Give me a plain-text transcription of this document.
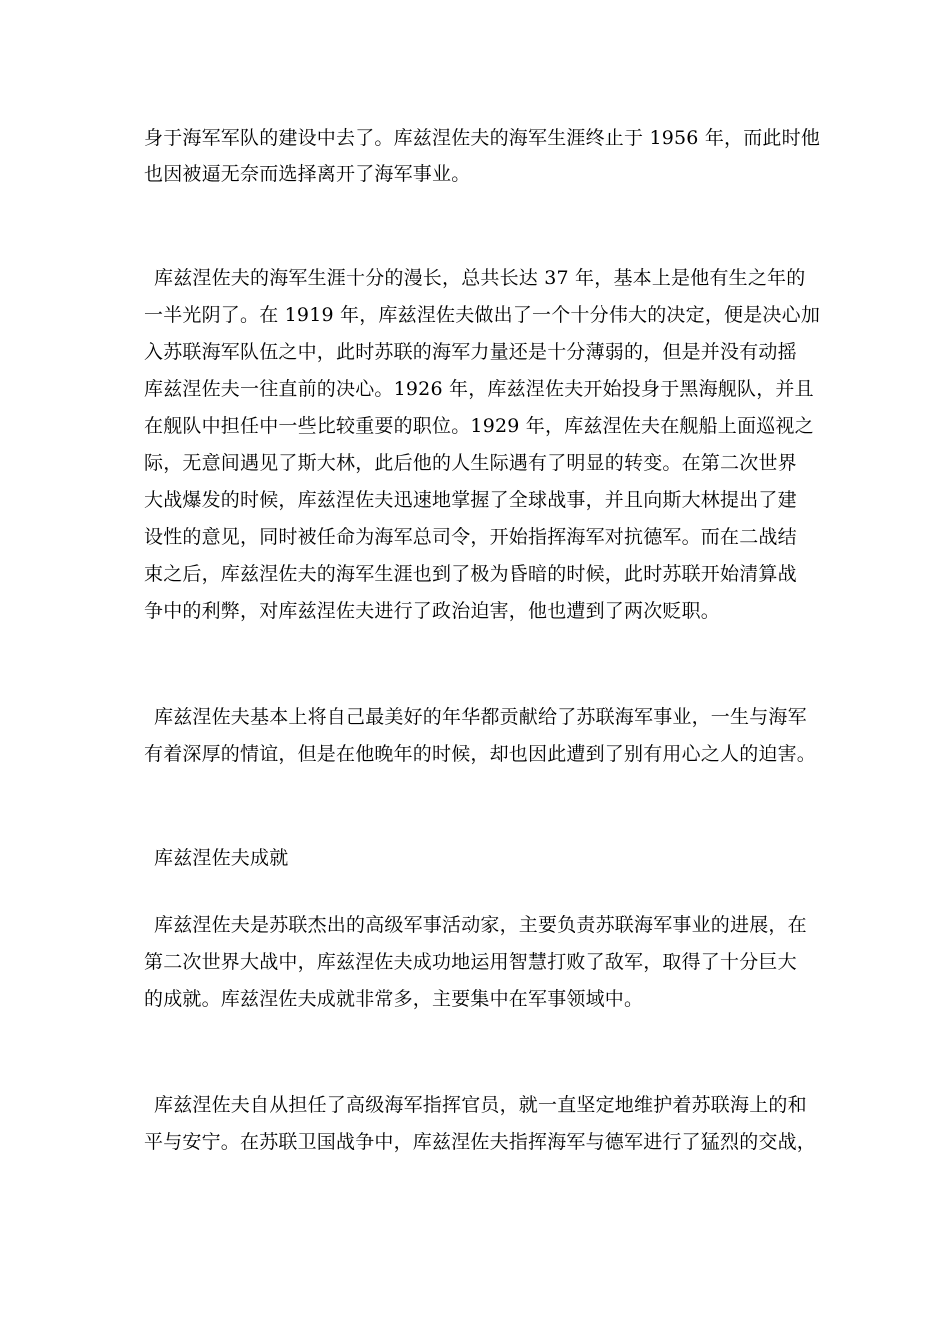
身于海军军队的建设中去了。库兹涅佐夫的海军生涯终止于 1956 年，而此时他
也因被逼无奈而选择离开了海军事业。
库兹涅佐夫的海军生涯十分的漫长，总共长达 37 年，基本上是他有生之年的
一半光阴了。在 1919 年，库兹涅佐夫做出了一个十分伟大的决定，便是决心加
入苏联海军队伍之中，此时苏联的海军力量还是十分薄弱的，但是并没有动摇
库兹涅佐夫一往直前的决心。1926 年，库兹涅佐夫开始投身于黑海舰队，并且
在舰队中担任中一些比较重要的职位。1929 年，库兹涅佐夫在舰船上面巡视之
际，无意间遇见了斯大林，此后他的人生际遇有了明显的转变。在第二次世界
大战爆发的时候，库兹涅佐夫迅速地掌握了全球战事，并且向斯大林提出了建
设性的意见，同时被任命为海军总司令，开始指挥海军对抗德军。而在二战结
束之后，库兹涅佐夫的海军生涯也到了极为昏暗的时候，此时苏联开始清算战
争中的利弊，对库兹涅佐夫进行了政治迫害，他也遭到了两次贬职。
库兹涅佐夫基本上将自己最美好的年华都贡献给了苏联海军事业，一生与海军
有着深厚的情谊，但是在他晚年的时候，却也因此遭到了别有用心之人的迫害。
库兹涅佐夫成就
库兹涅佐夫是苏联杰出的高级军事活动家，主要负责苏联海军事业的进展，在
第二次世界大战中，库兹涅佐夫成功地运用智慧打败了敌军，取得了十分巨大
的成就。库兹涅佐夫成就非常多，主要集中在军事领域中。
库兹涅佐夫自从担任了高级海军指挥官员，就一直坚定地维护着苏联海上的和
平与安宁。在苏联卫国战争中，库兹涅佐夫指挥海军与德军进行了猛烈的交战，
